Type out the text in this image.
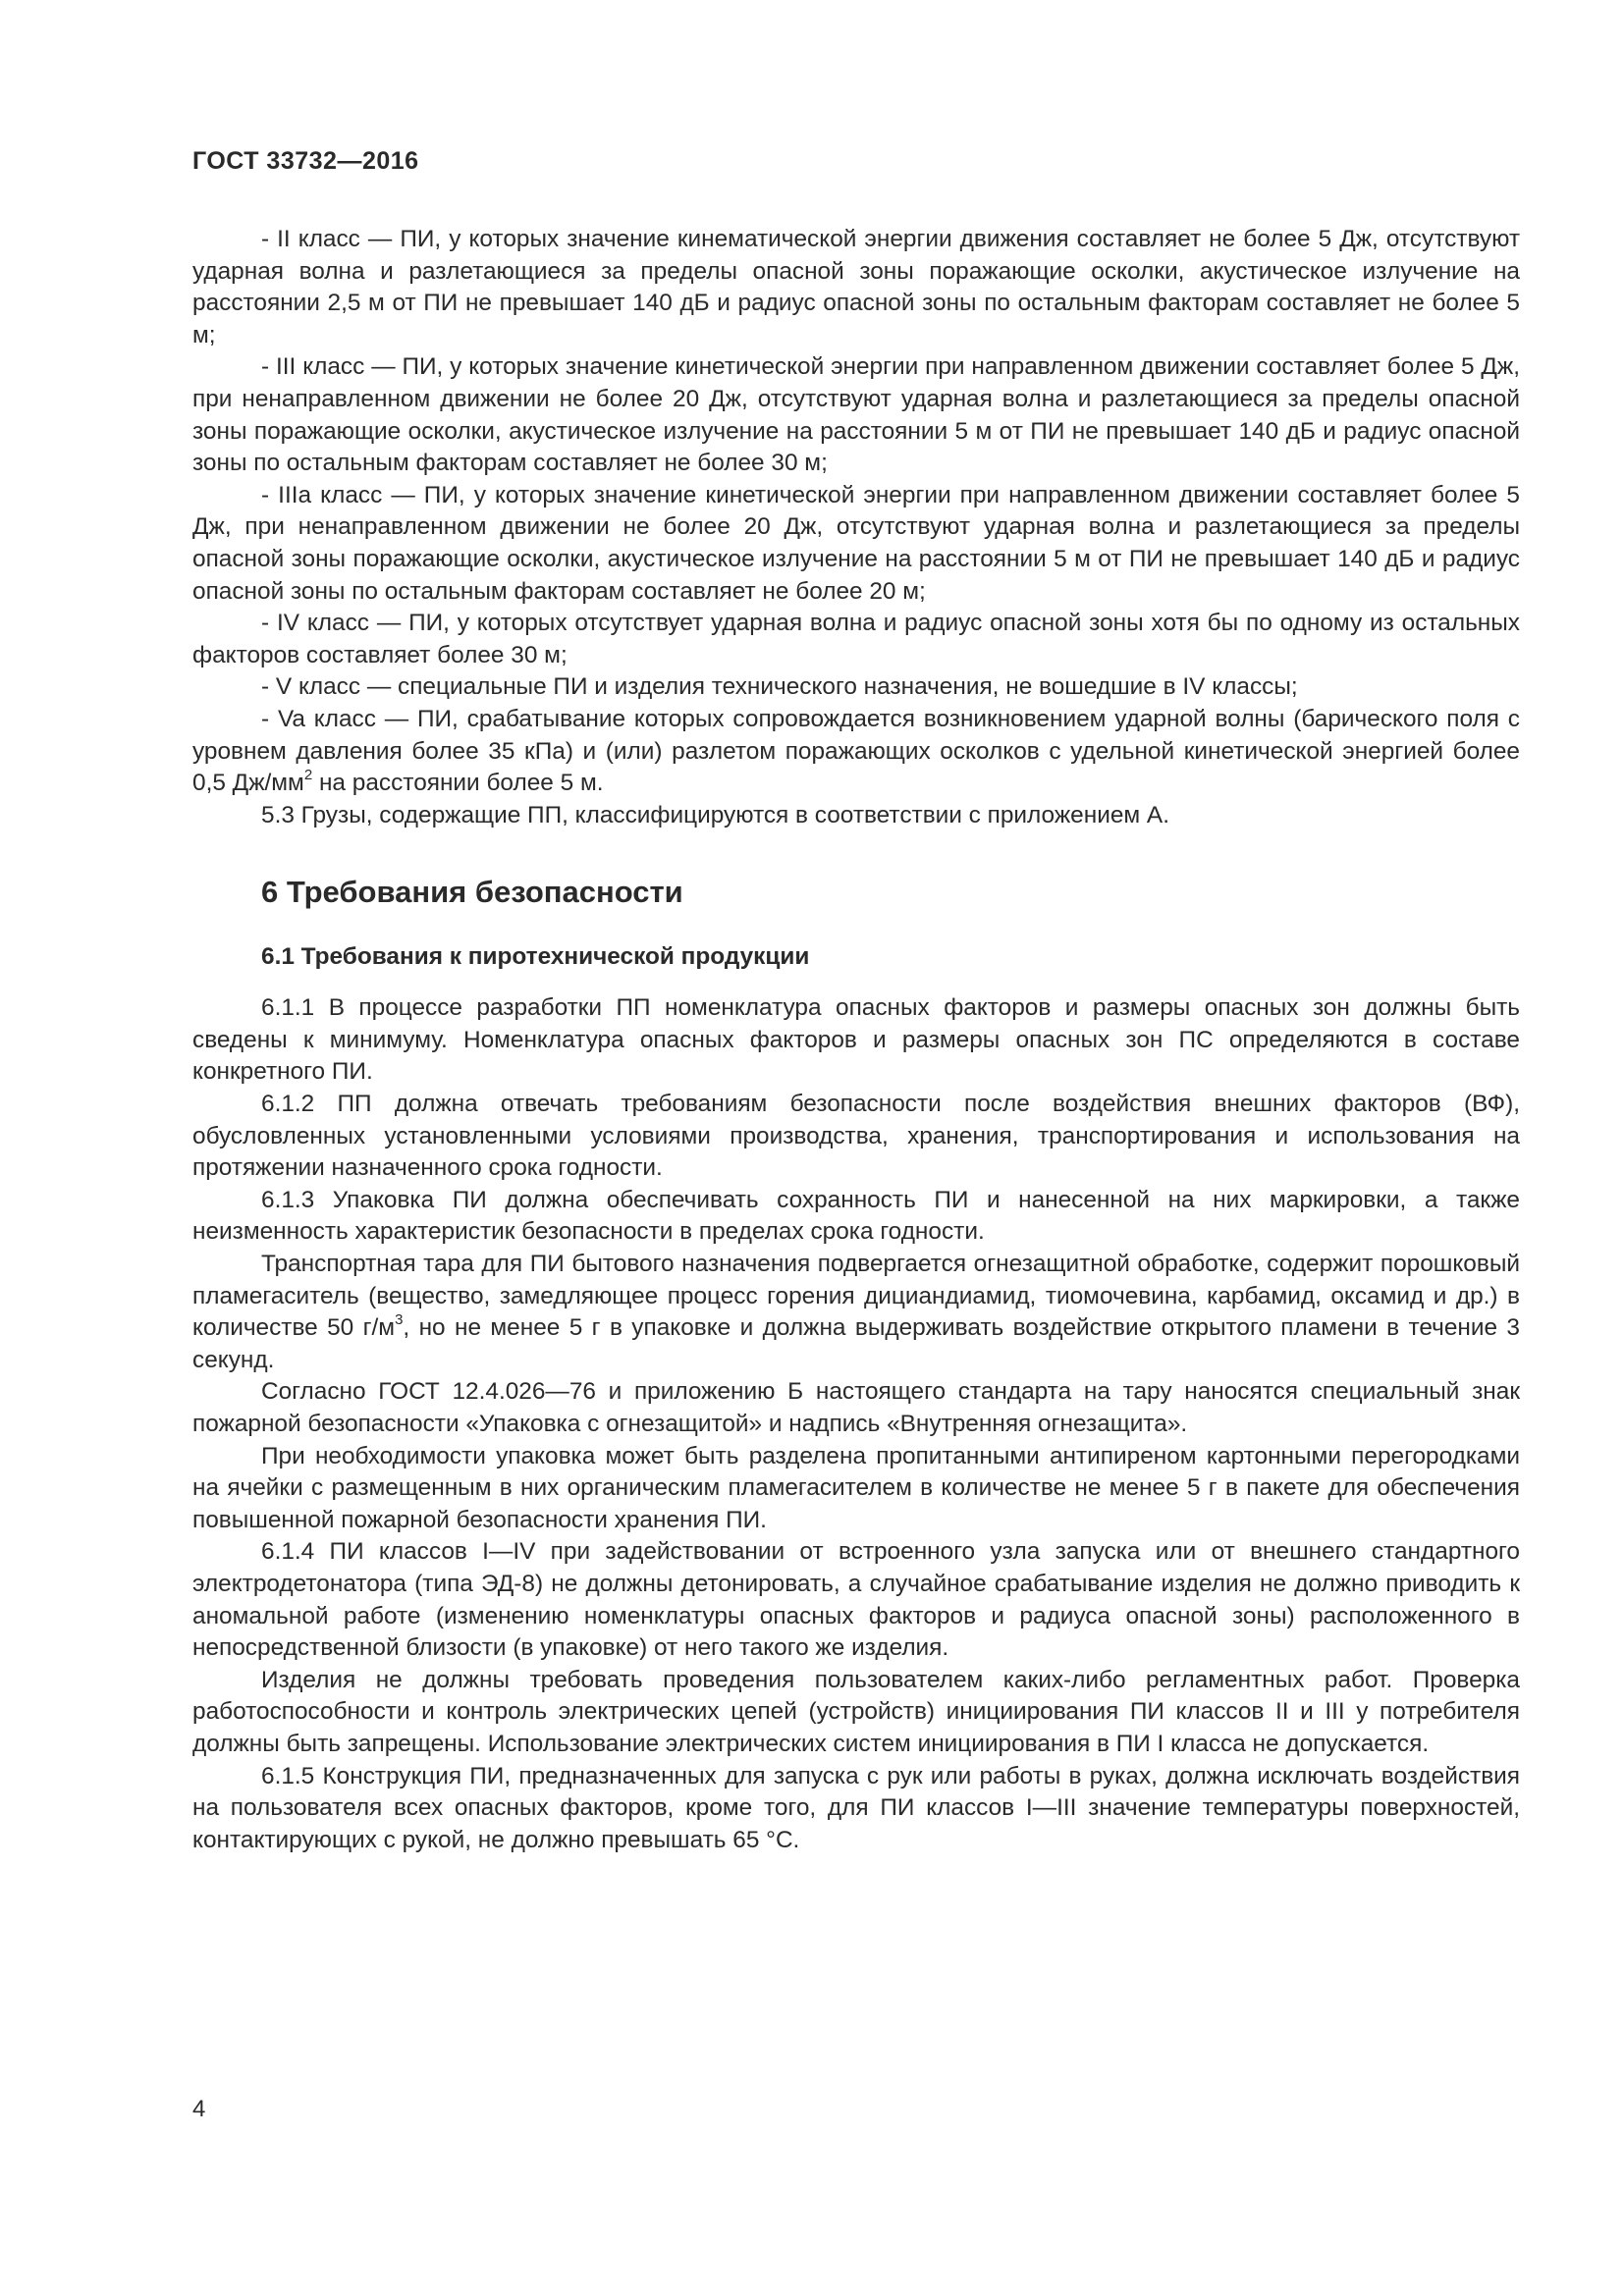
ГОСТ 33732—2016

- II класс — ПИ, у которых значение кинематической энергии движения составляет не более 5 Дж, отсутствуют ударная волна и разлетающиеся за пределы опасной зоны поражающие осколки, акустическое излучение на расстоянии 2,5 м от ПИ не превышает 140 дБ и радиус опасной зоны по остальным факторам составляет не более 5 м;

- III класс — ПИ, у которых значение кинетической энергии при направленном движении составляет более 5 Дж, при ненаправленном движении не более 20 Дж, отсутствуют ударная волна и разлетающиеся за пределы опасной зоны поражающие осколки, акустическое излучение на расстоянии 5 м от ПИ не превышает 140 дБ и радиус опасной зоны по остальным факторам составляет не более 30 м;

- IIIa класс — ПИ, у которых значение кинетической энергии при направленном движении составляет более 5 Дж, при ненаправленном движении не более 20 Дж, отсутствуют ударная волна и разлетающиеся за пределы опасной зоны поражающие осколки, акустическое излучение на расстоянии 5 м от ПИ не превышает 140 дБ и радиус опасной зоны по остальным факторам составляет не более 20 м;

- IV класс — ПИ, у которых отсутствует ударная волна и радиус опасной зоны хотя бы по одному из остальных факторов составляет более 30 м;

- V класс — специальные ПИ и изделия технического назначения, не вошедшие в IV классы;

- Va класс — ПИ, срабатывание которых сопровождается возникновением ударной волны (барического поля с уровнем давления более 35 кПа) и (или) разлетом поражающих осколков с удельной кинетической энергией более 0,5 $Дж/мм^2$ на расстоянии более 5 м.

5.3 Грузы, содержащие ПП, классифицируются в соответствии с приложением А.

6 Требования безопасности
6.1 Требования к пиротехнической продукции

6.1.1 В процессе разработки ПП номенклатура опасных факторов и размеры опасных зон должны быть сведены к минимуму. Номенклатура опасных факторов и размеры опасных зон ПС определяются в составе конкретного ПИ.

6.1.2 ПП должна отвечать требованиям безопасности после воздействия внешних факторов (ВФ), обусловленных установленными условиями производства, хранения, транспортирования и использования на протяжении назначенного срока годности.

6.1.3 Упаковка ПИ должна обеспечивать сохранность ПИ и нанесенной на них маркировки, а также неизменность характеристик безопасности в пределах срока годности.

Транспортная тара для ПИ бытового назначения подвергается огнезащитной обработке, содержит порошковый пламегаситель (вещество, замедляющее процесс горения дициандиамид, тиомочевина, карбамид, оксамид и др.) в количестве 50 $г/м^3$, но не менее 5 г в упаковке и должна выдерживать воздействие открытого пламени в течение 3 секунд.

Согласно ГОСТ 12.4.026—76 и приложению Б настоящего стандарта на тару наносятся специальный знак пожарной безопасности «Упаковка с огнезащитой» и надпись «Внутренняя огнезащита».

При необходимости упаковка может быть разделена пропитанными антипиреном картонными перегородками на ячейки с размещенным в них органическим пламегасителем в количестве не менее 5 г в пакете для обеспечения повышенной пожарной безопасности хранения ПИ.

6.1.4 ПИ классов I—IV при задействовании от встроенного узла запуска или от внешнего стандартного электродетонатора (типа ЭД-8) не должны детонировать, а случайное срабатывание изделия не должно приводить к аномальной работе (изменению номенклатуры опасных факторов и радиуса опасной зоны) расположенного в непосредственной близости (в упаковке) от него такого же изделия.

Изделия не должны требовать проведения пользователем каких-либо регламентных работ. Проверка работоспособности и контроль электрических цепей (устройств) инициирования ПИ классов II и III у потребителя должны быть запрещены. Использование электрических систем инициирования в ПИ I класса не допускается.

6.1.5 Конструкция ПИ, предназначенных для запуска с рук или работы в руках, должна исключать воздействия на пользователя всех опасных факторов, кроме того, для ПИ классов I—III значение температуры поверхностей, контактирующих с рукой, не должно превышать 65 °С.

4
